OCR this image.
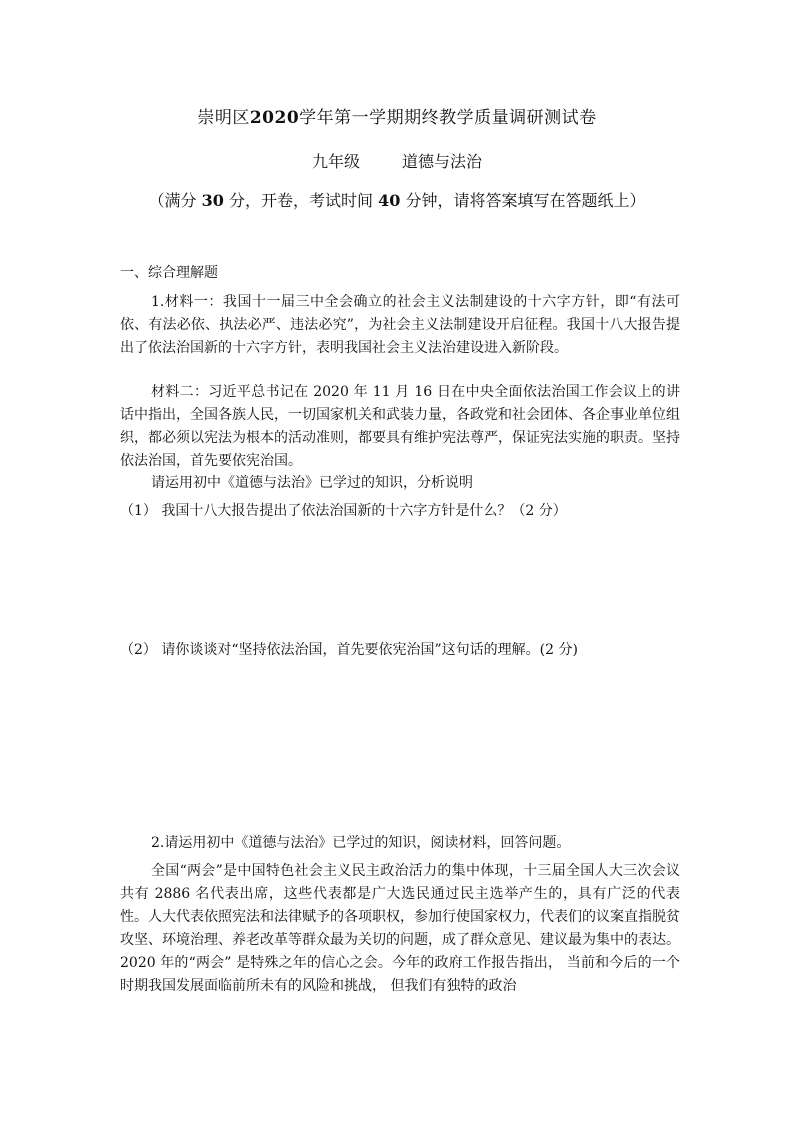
崇明区2020学年第一学期期终教学质量调研测试卷
九年级	道德与法治
（满分 30 分，开卷，考试时间 40 分钟，请将答案填写在答题纸上）

一、综合理解题

1.材料一：我国十一届三中全会确立的社会主义法制建设的十六字方针，即“有法可依、有法必依、执法必严、违法必究”，为社会主义法制建设开启征程。我国十八大报告提出了依法治国新的十六字方针，表明我国社会主义法治建设进入新阶段。

材料二：习近平总书记在 2020 年 11 月 16 日在中央全面依法治国工作会议上的讲话中指出，全国各族人民，一切国家机关和武装力量，各政党和社会团体、各企事业单位组织，都必须以宪法为根本的活动准则，都要具有维护宪法尊严，保证宪法实施的职责。坚持依法治国，首先要依宪治国。

请运用初中《道德与法治》已学过的知识，分析说明

（1） 我国十八大报告提出了依法治国新的十六字方针是什么？（2 分）

（2） 请你谈谈对“坚持依法治国，首先要依宪治国”这句话的理解。(2 分)

2.请运用初中《道德与法治》已学过的知识，阅读材料，回答问题。

全国“两会”是中国特色社会主义民主政治活力的集中体现，十三届全国人大三次会议共有 2886 名代表出席，这些代表都是广大选民通过民主选举产生的，具有广泛的代表性。人大代表依照宪法和法律赋予的各项职权，参加行使国家权力，代表们的议案直指脱贫攻坚、环境治理、养老改革等群众最为关切的问题，成了群众意见、建议最为集中的表达。2020 年的“两会” 是特殊之年的信心之会。今年的政府工作报告指出， 当前和今后的一个时期我国发展面临前所未有的风险和挑战， 但我们有独特的政治
